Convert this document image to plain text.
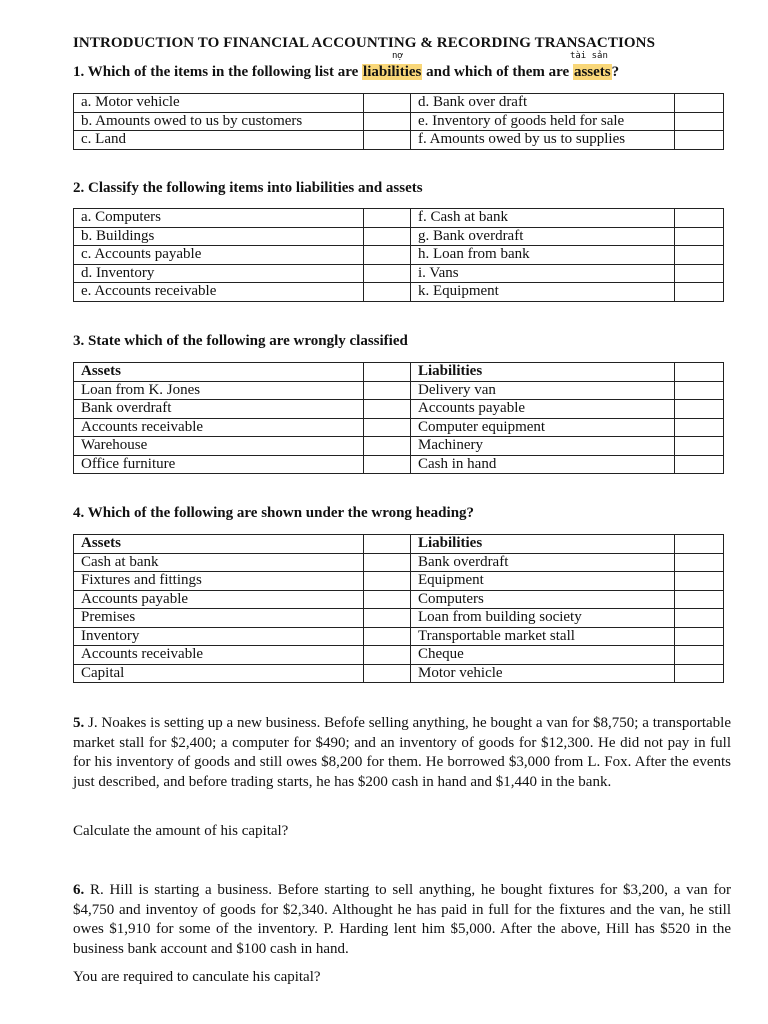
INTRODUCTION TO FINANCIAL ACCOUNTING & RECORDING TRANSACTIONS
1. Which of the items in the following list are
nợ
liabilities and which of them are
tài sản
assets?
a. Motor vehicle		d. Bank over draft	
b. Amounts owed to us by customers		e. Inventory of goods held for sale	
c. Land		f. Amounts owed by us to supplies	
2. Classify the following items into liabilities and assets
a. Computers		f. Cash at bank	
b. Buildings		g. Bank overdraft	
c. Accounts payable		h. Loan from bank	
d. Inventory		i. Vans	
e. Accounts receivable		k. Equipment	
3. State which of the following are wrongly classified
Assets		Liabilities	
Loan from K. Jones		Delivery van	
Bank overdraft		Accounts payable	
Accounts receivable		Computer equipment	
Warehouse		Machinery	
Office furniture		Cash in hand	
4. Which of the following are shown under the wrong heading?
Assets		Liabilities	
Cash at bank		Bank overdraft	
Fixtures and fittings		Equipment	
Accounts payable		Computers	
Premises		Loan from building society	
Inventory		Transportable market stall	
Accounts receivable		Cheque	
Capital		Motor vehicle	

5. J. Noakes is setting up a new business. Befofe selling anything, he bought a van for $8,750; a transportable market stall for $2,400; a computer for $490; and an inventory of goods for $12,300. He did not pay in full for his inventory of goods and still owes $8,200 for them. He borrowed $3,000 from L. Fox. After the events just described, and before trading starts, he has $200 cash in hand and $1,440 in the bank.

Calculate the amount of his capital?

6. R. Hill is starting a business. Before starting to sell anything, he bought fixtures for $3,200, a van for $4,750 and inventoy of goods for $2,340. Althought he has paid in full for the fixtures and the van, he still owes $1,910 for some of the inventory. P. Harding lent him $5,000. After the above, Hill has $520 in the business bank account and $100 cash in hand.

You are required to canculate his capital?
